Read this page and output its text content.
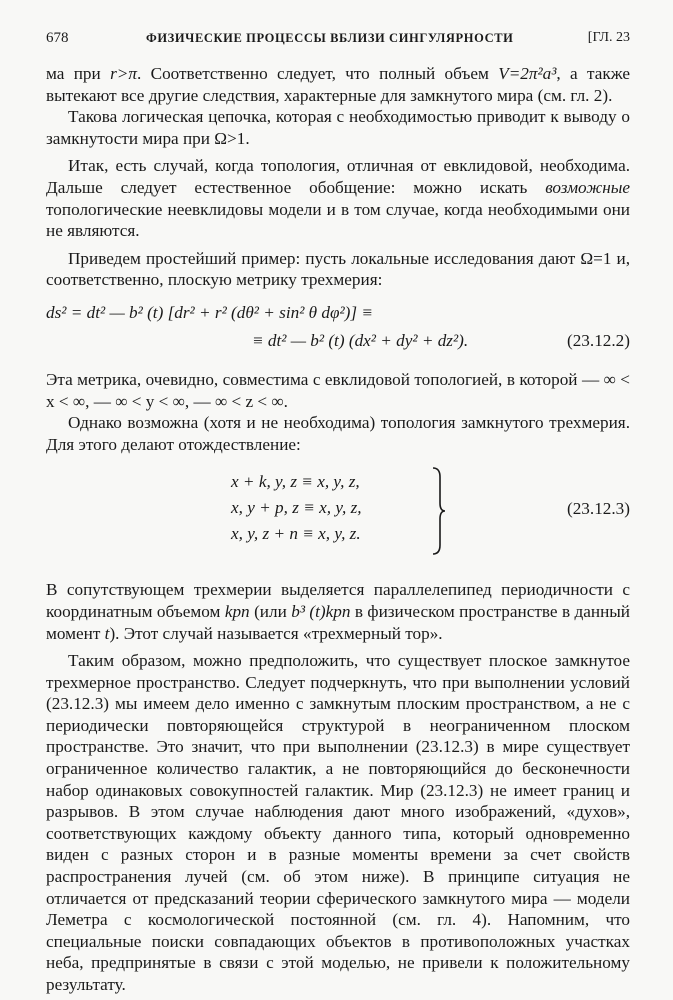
678	ФИЗИЧЕСКИЕ ПРОЦЕССЫ ВБЛИЗИ СИНГУЛЯРНОСТИ	[ГЛ. 23

ма при r>π. Соответственно следует, что полный объем V=2π²a³, а также вытекают все другие следствия, характерные для замкнутого мира (см. гл. 2).

Такова логическая цепочка, которая с необходимостью приводит к выводу о замкнутости мира при Ω>1.

Итак, есть случай, когда топология, отличная от евклидовой, необходима. Дальше следует естественное обобщение: можно искать возможные топологические неевклидовы модели и в том случае, когда необходимыми они не являются.

Приведем простейший пример: пусть локальные исследования дают Ω=1 и, соответственно, плоскую метрику трехмерия:

ds² = dt² — b² (t) [dr² + r² (dθ² + sin² θ dφ²)] ≡
≡ dt² — b² (t) (dx² + dy² + dz²).	(23.12.2)

Эта метрика, очевидно, совместима с евклидовой топологией, в которой — ∞ < x < ∞, — ∞ < y < ∞, — ∞ < z < ∞.

Однако возможна (хотя и не необходима) топология замкнутого трехмерия. Для этого делают отождествление:

x + k, y, z ≡ x, y, z,
x, y + p, z ≡ x, y, z,
x, y, z + n ≡ x, y, z.
(23.12.3)

В сопутствующем трехмерии выделяется параллелепипед периодичности с координатным объемом kpn (или b³ (t)kpn в физическом пространстве в данный момент t). Этот случай называется «трехмерный тор».

Таким образом, можно предположить, что существует плоское замкнутое трехмерное пространство. Следует подчеркнуть, что при выполнении условий (23.12.3) мы имеем дело именно с замкнутым плоским пространством, а не с периодически повторяющейся структурой в неограниченном плоском пространстве. Это значит, что при выполнении (23.12.3) в мире существует ограниченное количество галактик, а не повторяющийся до бесконечности набор одинаковых совокупностей галактик. Мир (23.12.3) не имеет границ и разрывов. В этом случае наблюдения дают много изображений, «духов», соответствующих каждому объекту данного типа, который одновременно виден с разных сторон и в разные моменты времени за счет свойств распространения лучей (см. об этом ниже). В принципе ситуация не отличается от предсказаний теории сферического замкнутого мира — модели Леметра с космологической постоянной (см. гл. 4). Напомним, что специальные поиски совпадающих объектов в противоположных участках неба, предпринятые в связи с этой моделью, не привели к положительному результату.
